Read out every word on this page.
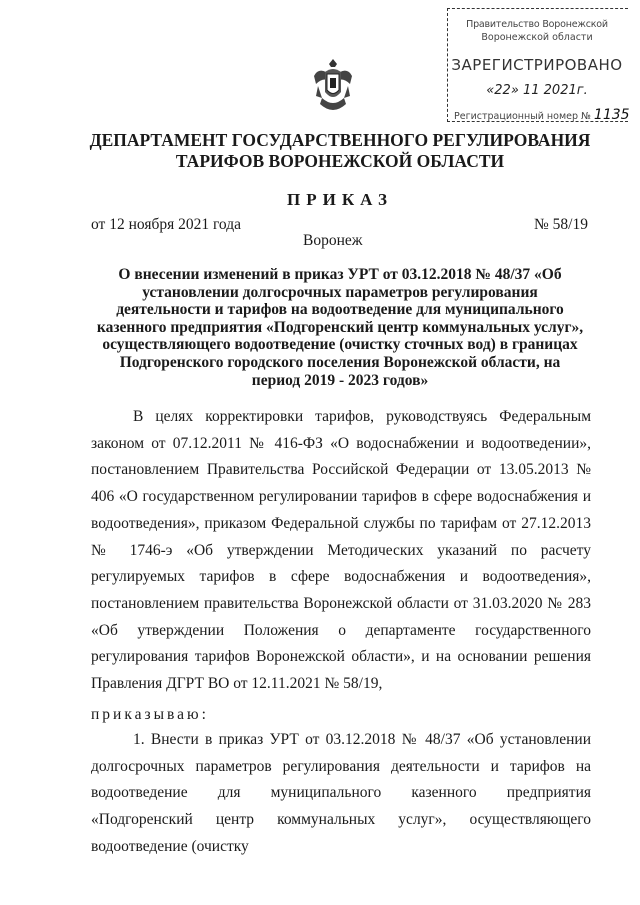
Правительство Воронежской
Воронежской области
ЗАРЕГИСТРИРОВАНО
«22» 11 2021г.
Регистрационный номер № 1135
ДЕПАРТАМЕНТ ГОСУДАРСТВЕННОГО РЕГУЛИРОВАНИЯ ТАРИФОВ ВОРОНЕЖСКОЙ ОБЛАСТИ
ПРИКАЗ
от 12 ноября 2021 года	№ 58/19
Воронеж
О внесении изменений в приказ УРТ от 03.12.2018 № 48/37 «Об установлении долгосрочных параметров регулирования деятельности и тарифов на водоотведение для муниципального казенного предприятия «Подгоренский центр коммунальных услуг», осуществляющего водоотведение (очистку сточных вод) в границах Подгоренского городского поселения Воронежской области, на период 2019 - 2023 годов»
В целях корректировки тарифов, руководствуясь Федеральным законом от 07.12.2011 № 416-ФЗ «О водоснабжении и водоотведении», постановлением Правительства Российской Федерации от 13.05.2013 № 406 «О государственном регулировании тарифов в сфере водоснабжения и водоотведения», приказом Федеральной службы по тарифам от 27.12.2013 № 1746-э «Об утверждении Методических указаний по расчету регулируемых тарифов в сфере водоснабжения и водоотведения», постановлением правительства Воронежской области от 31.03.2020 № 283 «Об утверждении Положения о департаменте государственного регулирования тарифов Воронежской области», и на основании решения Правления ДГРТ ВО от 12.11.2021 № 58/19,
приказываю:
1. Внести в приказ УРТ от 03.12.2018 № 48/37 «Об установлении долгосрочных параметров регулирования деятельности и тарифов на водоотведение для муниципального казенного предприятия «Подгоренский центр коммунальных услуг», осуществляющего водоотведение (очистку
